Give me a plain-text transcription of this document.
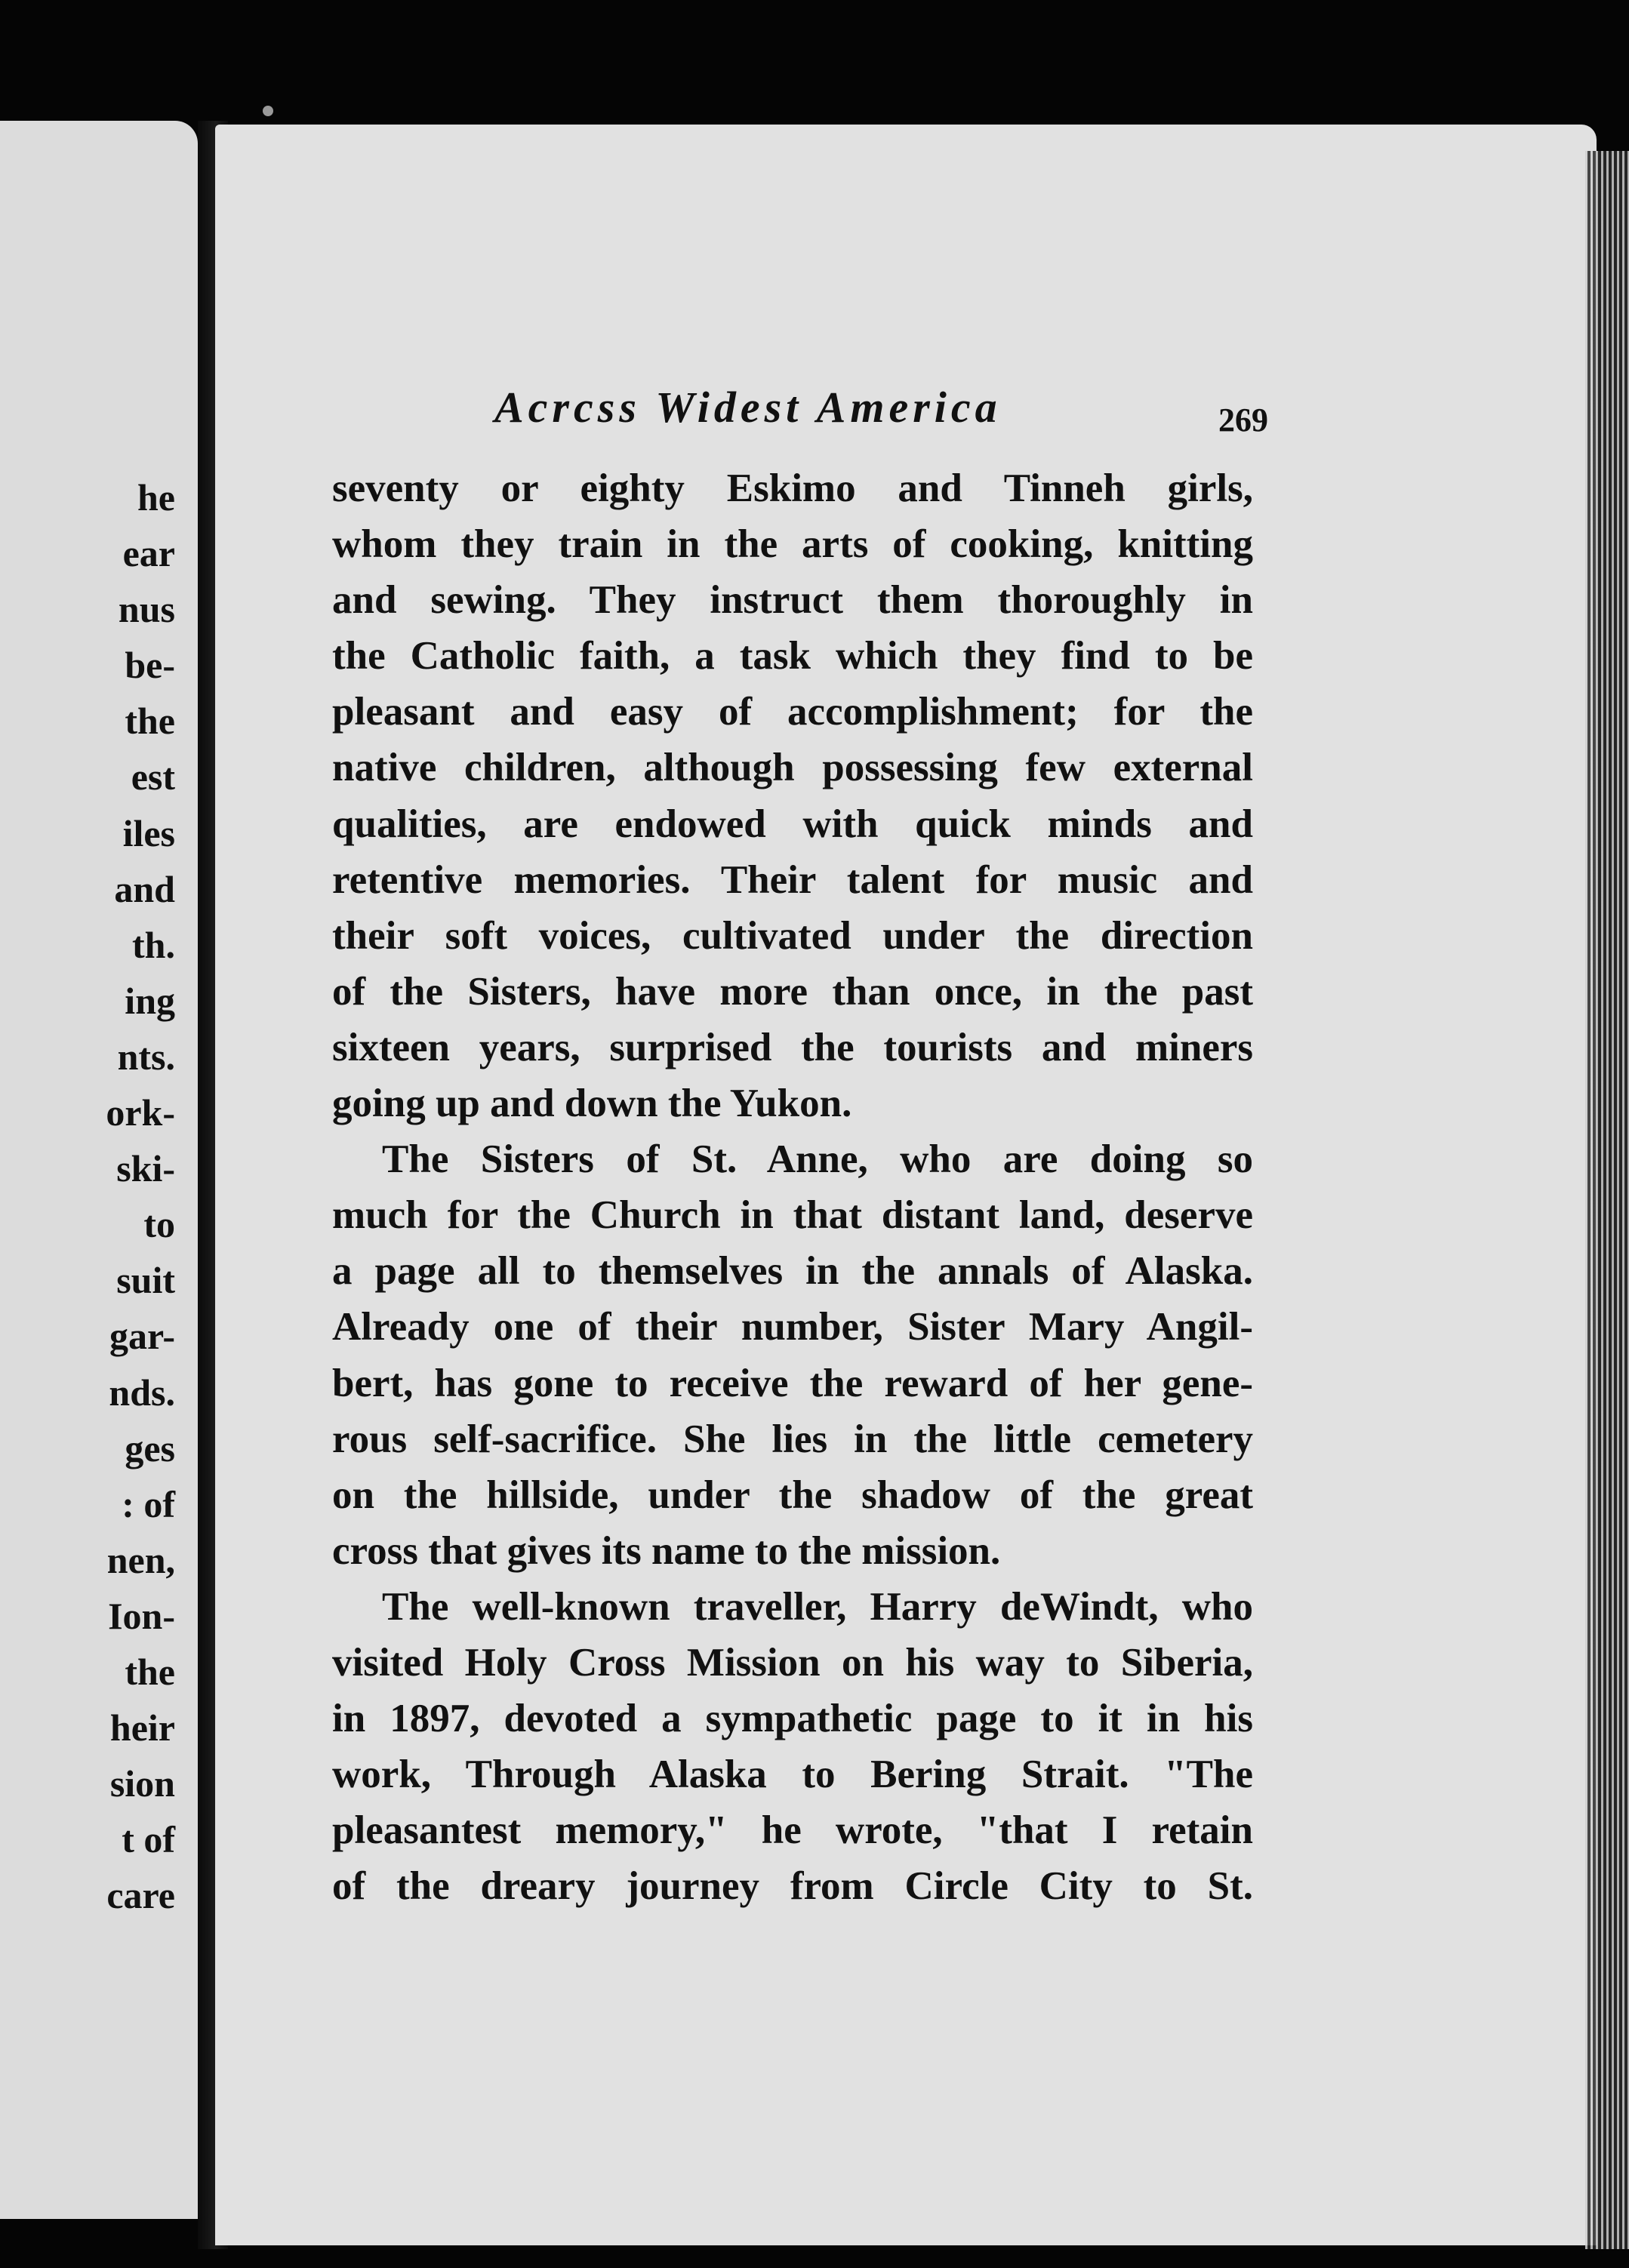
he
ear
nus
be-
the
est
iles
and
th.
ing
nts.
ork-
ski-
to
suit
gar-
nds.
ges
: of
nen,
Ion-
the
heir
sion
t of
care
Acrcss Widest America	269
seventy or eighty Eskimo and Tinneh girls,
whom they train in the arts of cooking, knitting
and sewing. They instruct them thoroughly in
the Catholic faith, a task which they find to be
pleasant and easy of accomplishment; for the
native children, although possessing few external
qualities, are endowed with quick minds and
retentive memories. Their talent for music and
their soft voices, cultivated under the direction
of the Sisters, have more than once, in the past
sixteen years, surprised the tourists and miners
going up and down the Yukon.
The Sisters of St. Anne, who are doing so
much for the Church in that distant land, deserve
a page all to themselves in the annals of Alaska.
Already one of their number, Sister Mary Angil-
bert, has gone to receive the reward of her gene-
rous self-sacrifice. She lies in the little cemetery
on the hillside, under the shadow of the great
cross that gives its name to the mission.
The well-known traveller, Harry deWindt, who
visited Holy Cross Mission on his way to Siberia,
in 1897, devoted a sympathetic page to it in his
work, Through Alaska to Bering Strait. "The
pleasantest memory," he wrote, "that I retain
of the dreary journey from Circle City to St.
